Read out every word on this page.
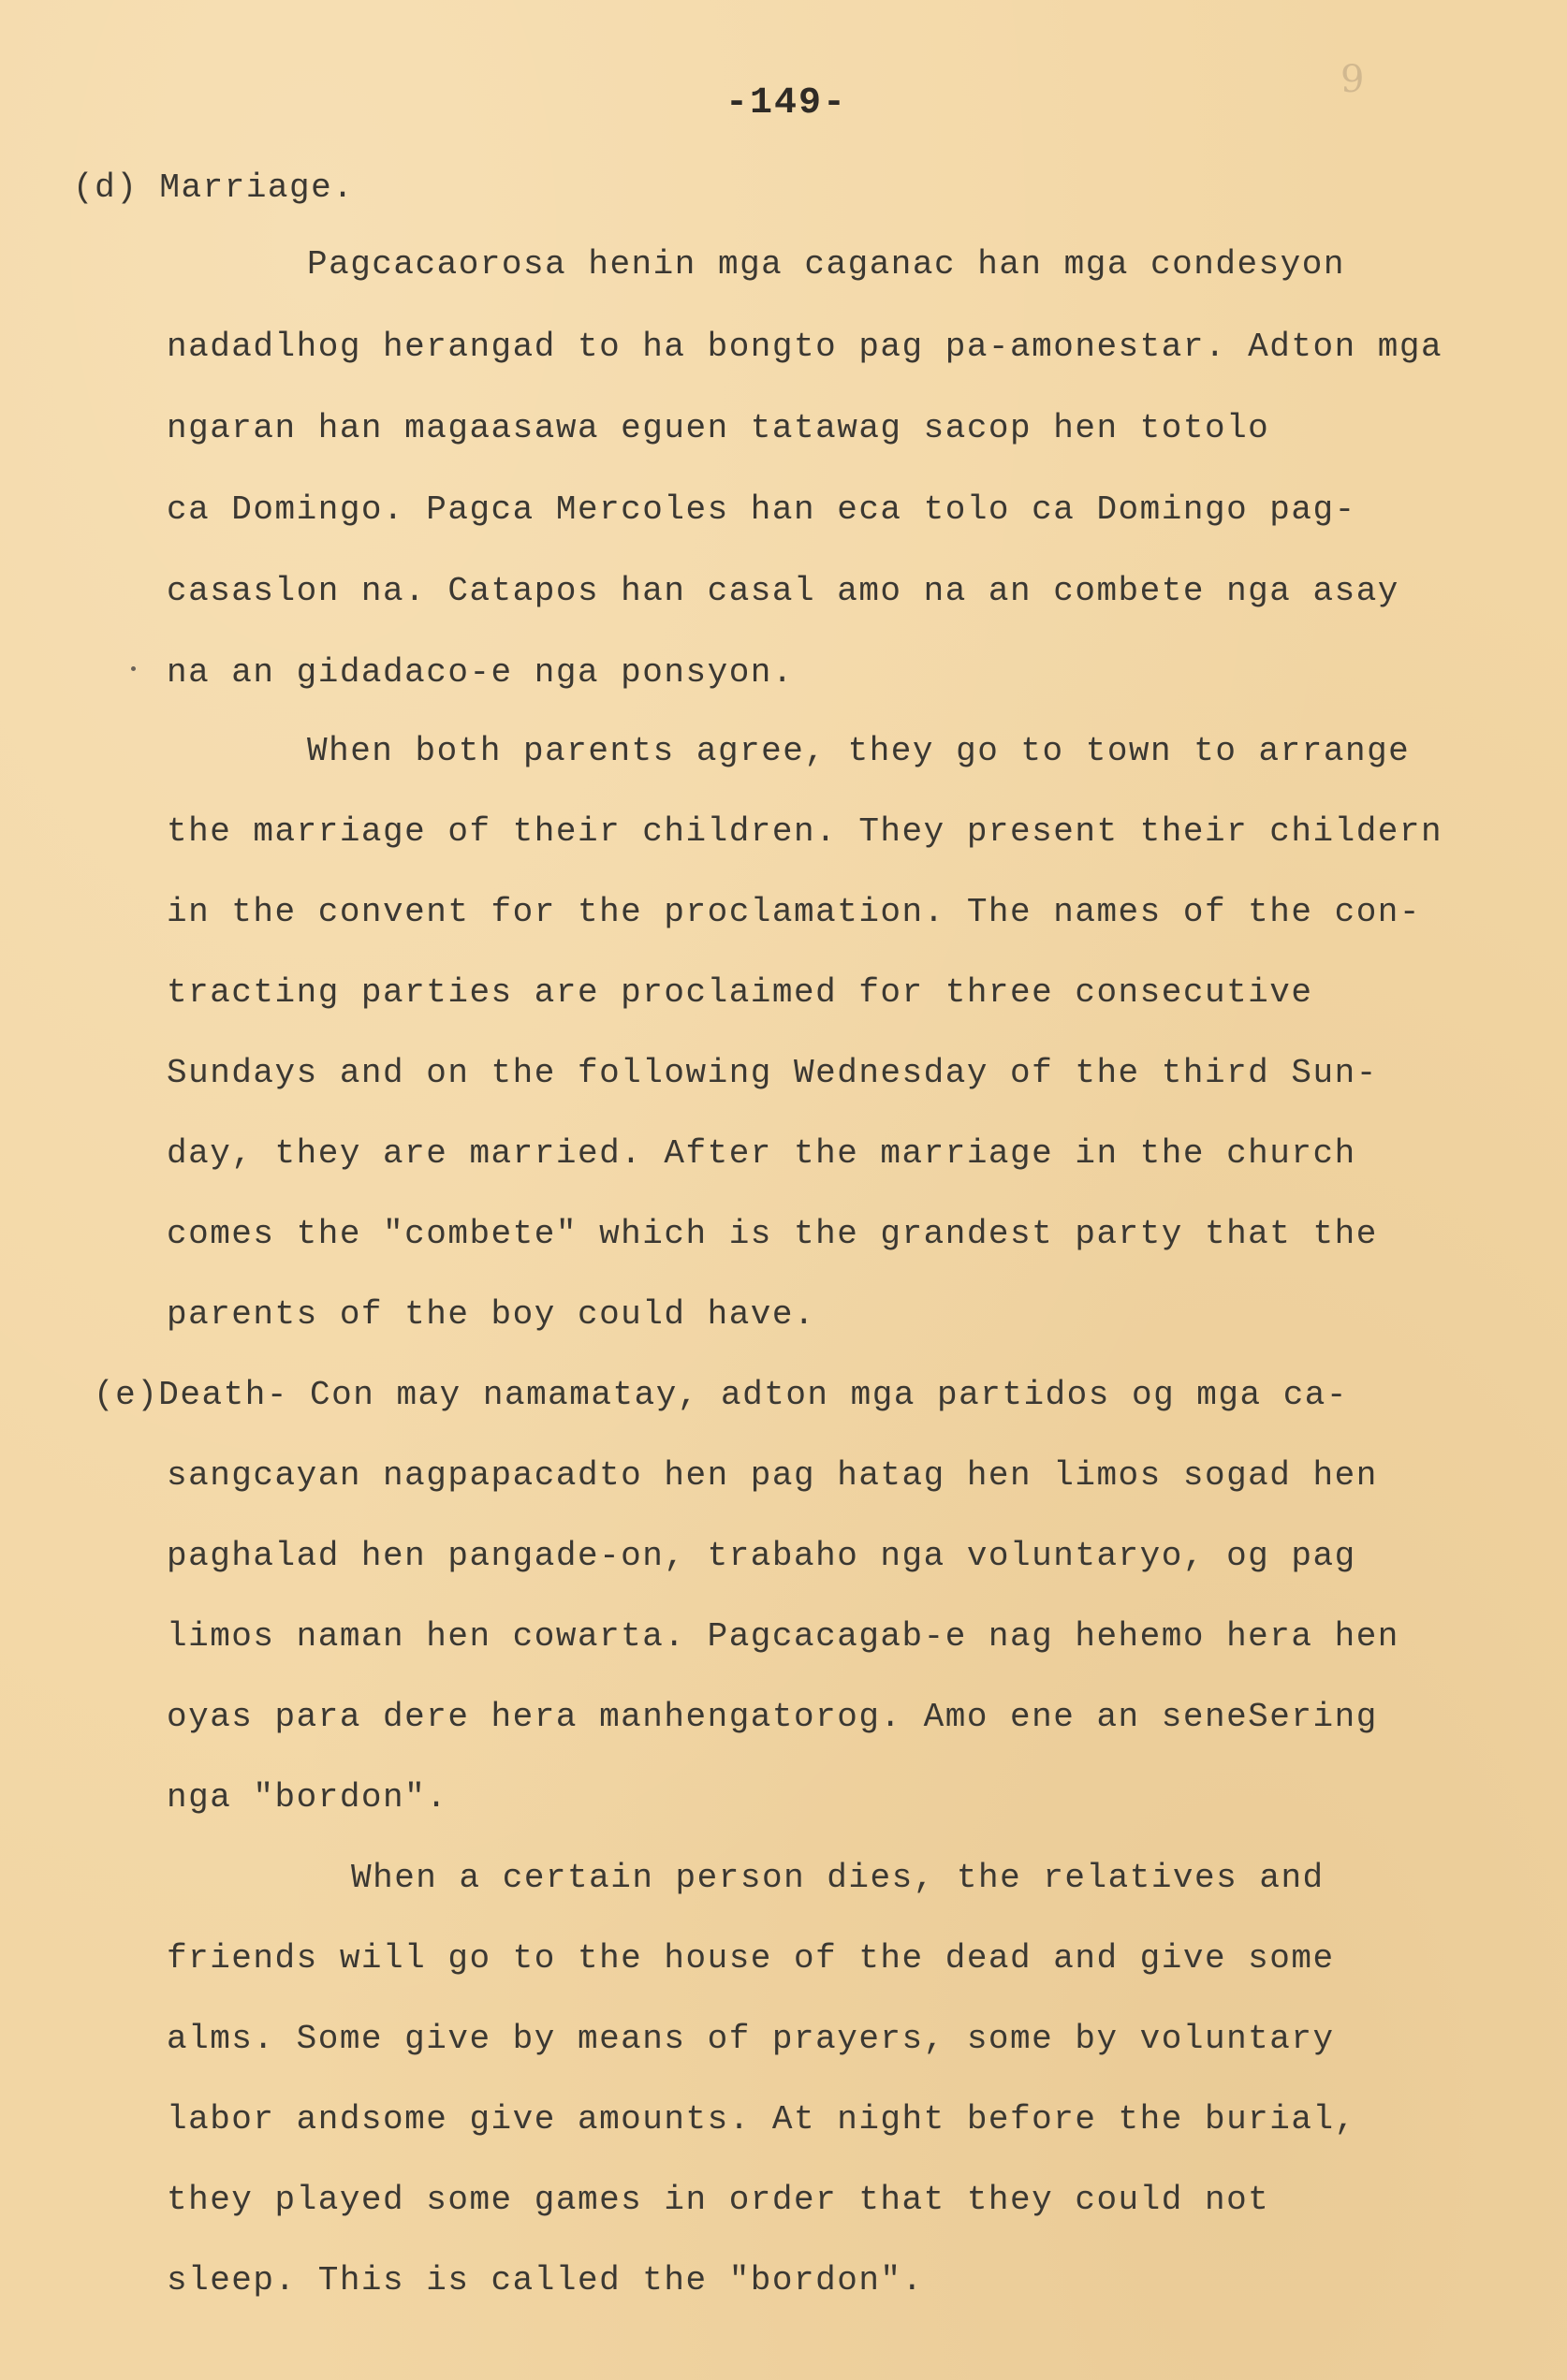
9
-149-
(d) Marriage.
Pagcacaorosa henin mga caganac han mga condesyon
nadadlhog herangad to ha bongto pag pa-amonestar. Adton mga
ngaran han magaasawa eguen tatawag sacop hen totolo
ca Domingo. Pagca Mercoles han eca tolo ca Domingo pag-
casaslon na. Catapos han casal amo na an combete nga asay
na an gidadaco-e nga ponsyon.
When both parents agree, they go to town to arrange
the marriage of their children. They present their childern
in the convent for the proclamation. The names of the con-
tracting parties are proclaimed for three consecutive
Sundays and on the following Wednesday of the third Sun-
day, they are married. After the marriage in the church
comes the "combete" which is the grandest party that the
parents of the boy could have.
(e)Death- Con may namamatay, adton mga partidos og mga ca-
sangcayan nagpapacadto hen pag hatag hen limos sogad hen
paghalad hen pangade-on, trabaho nga voluntaryo, og pag
limos naman hen cowarta. Pagcacagab-e nag hehemo hera hen
oyas para dere hera manhengatorog. Amo ene an seneSering
nga "bordon".
When a certain person dies, the relatives and
friends will go to the house of the dead and give some
alms. Some give by means of prayers, some by voluntary
labor andsome give amounts. At night before the burial,
they played some games in order that they could not
sleep. This is called the "bordon".
